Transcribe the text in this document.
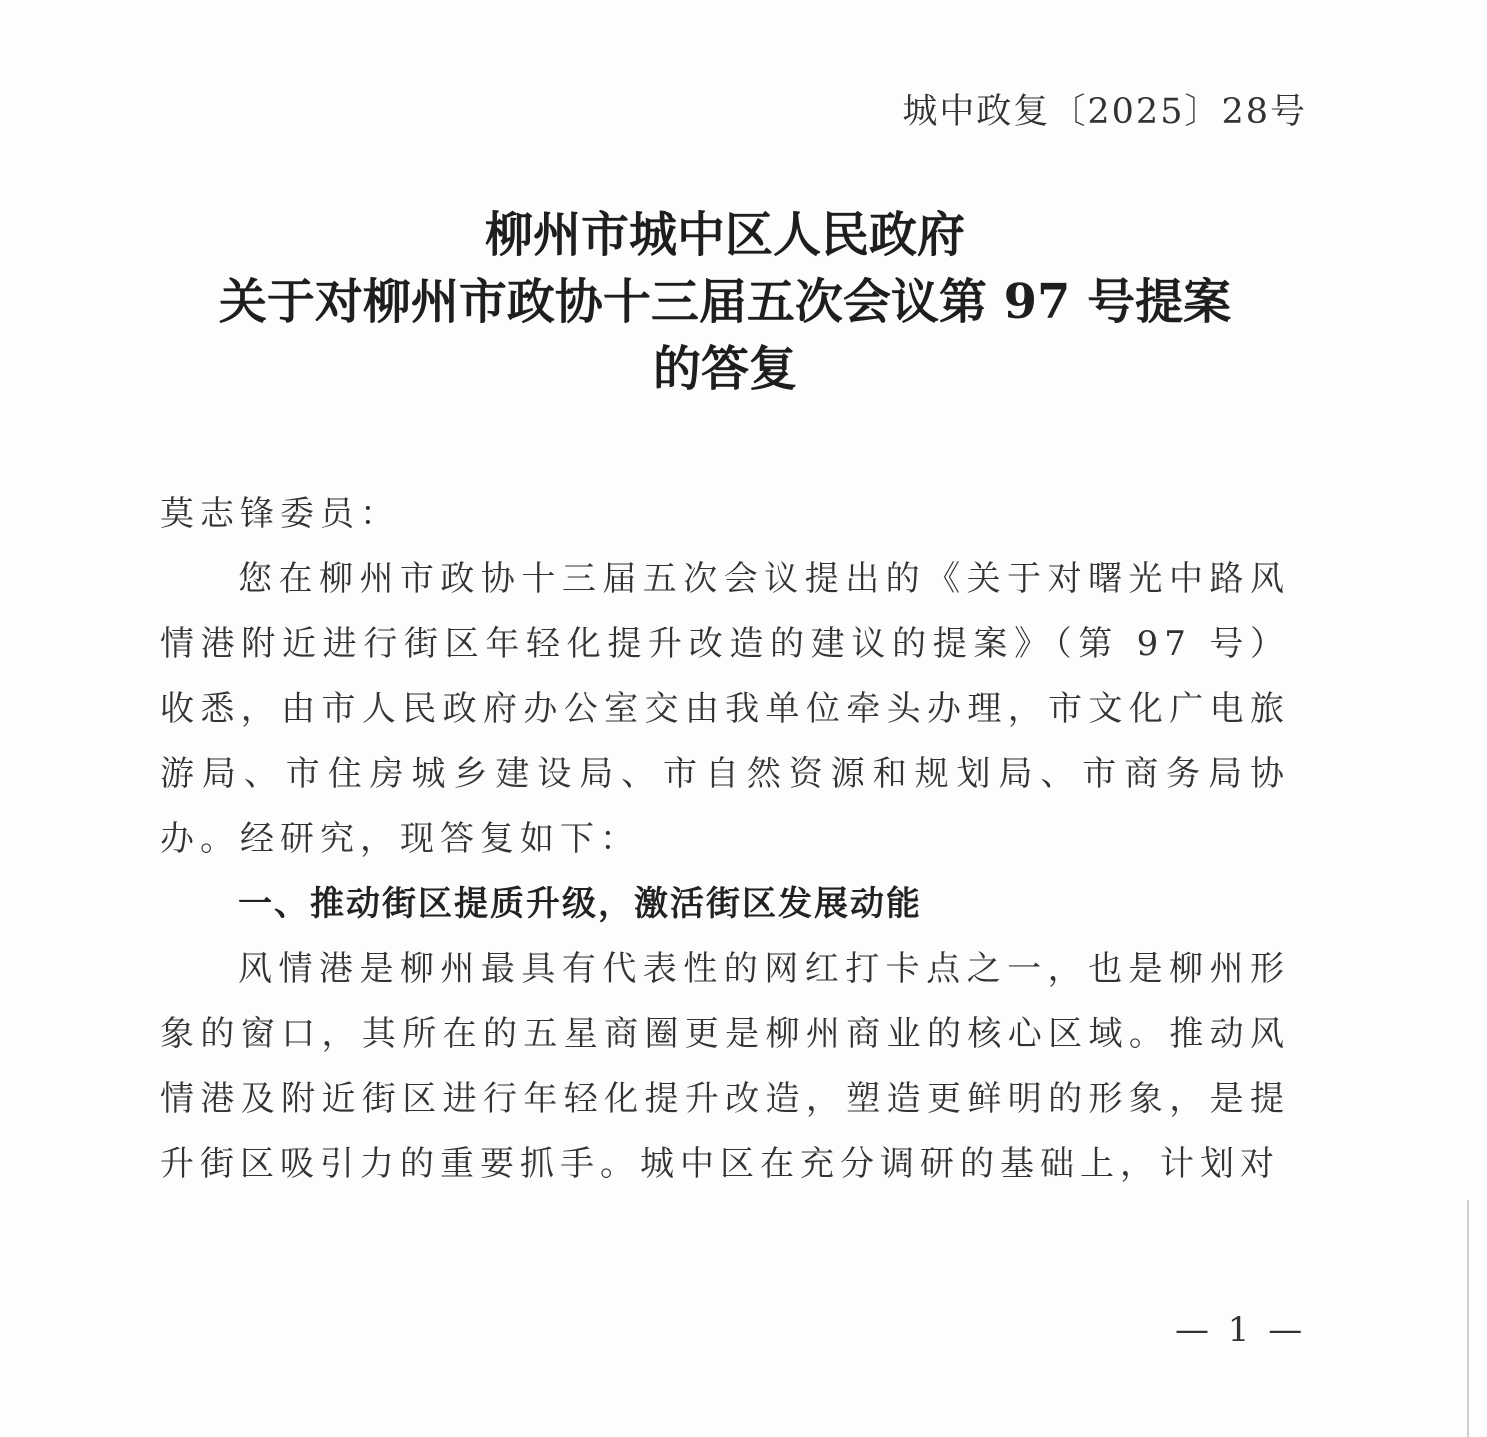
城中政复〔2025〕28号
柳州市城中区人民政府
关于对柳州市政协十三届五次会议第 97 号提案
的答复
莫志锋委员：

您在柳州市政协十三届五次会议提出的《关于对曙光中路风情港附近进行街区年轻化提升改造的建议的提案》（第 97 号）收悉，由市人民政府办公室交由我单位牵头办理，市文化广电旅游局、市住房城乡建设局、市自然资源和规划局、市商务局协办。经研究，现答复如下：

一、推动街区提质升级，激活街区发展动能

风情港是柳州最具有代表性的网红打卡点之一，也是柳州形象的窗口，其所在的五星商圈更是柳州商业的核心区域。推动风情港及附近街区进行年轻化提升改造，塑造更鲜明的形象，是提升街区吸引力的重要抓手。城中区在充分调研的基础上，计划对

— 1 —
